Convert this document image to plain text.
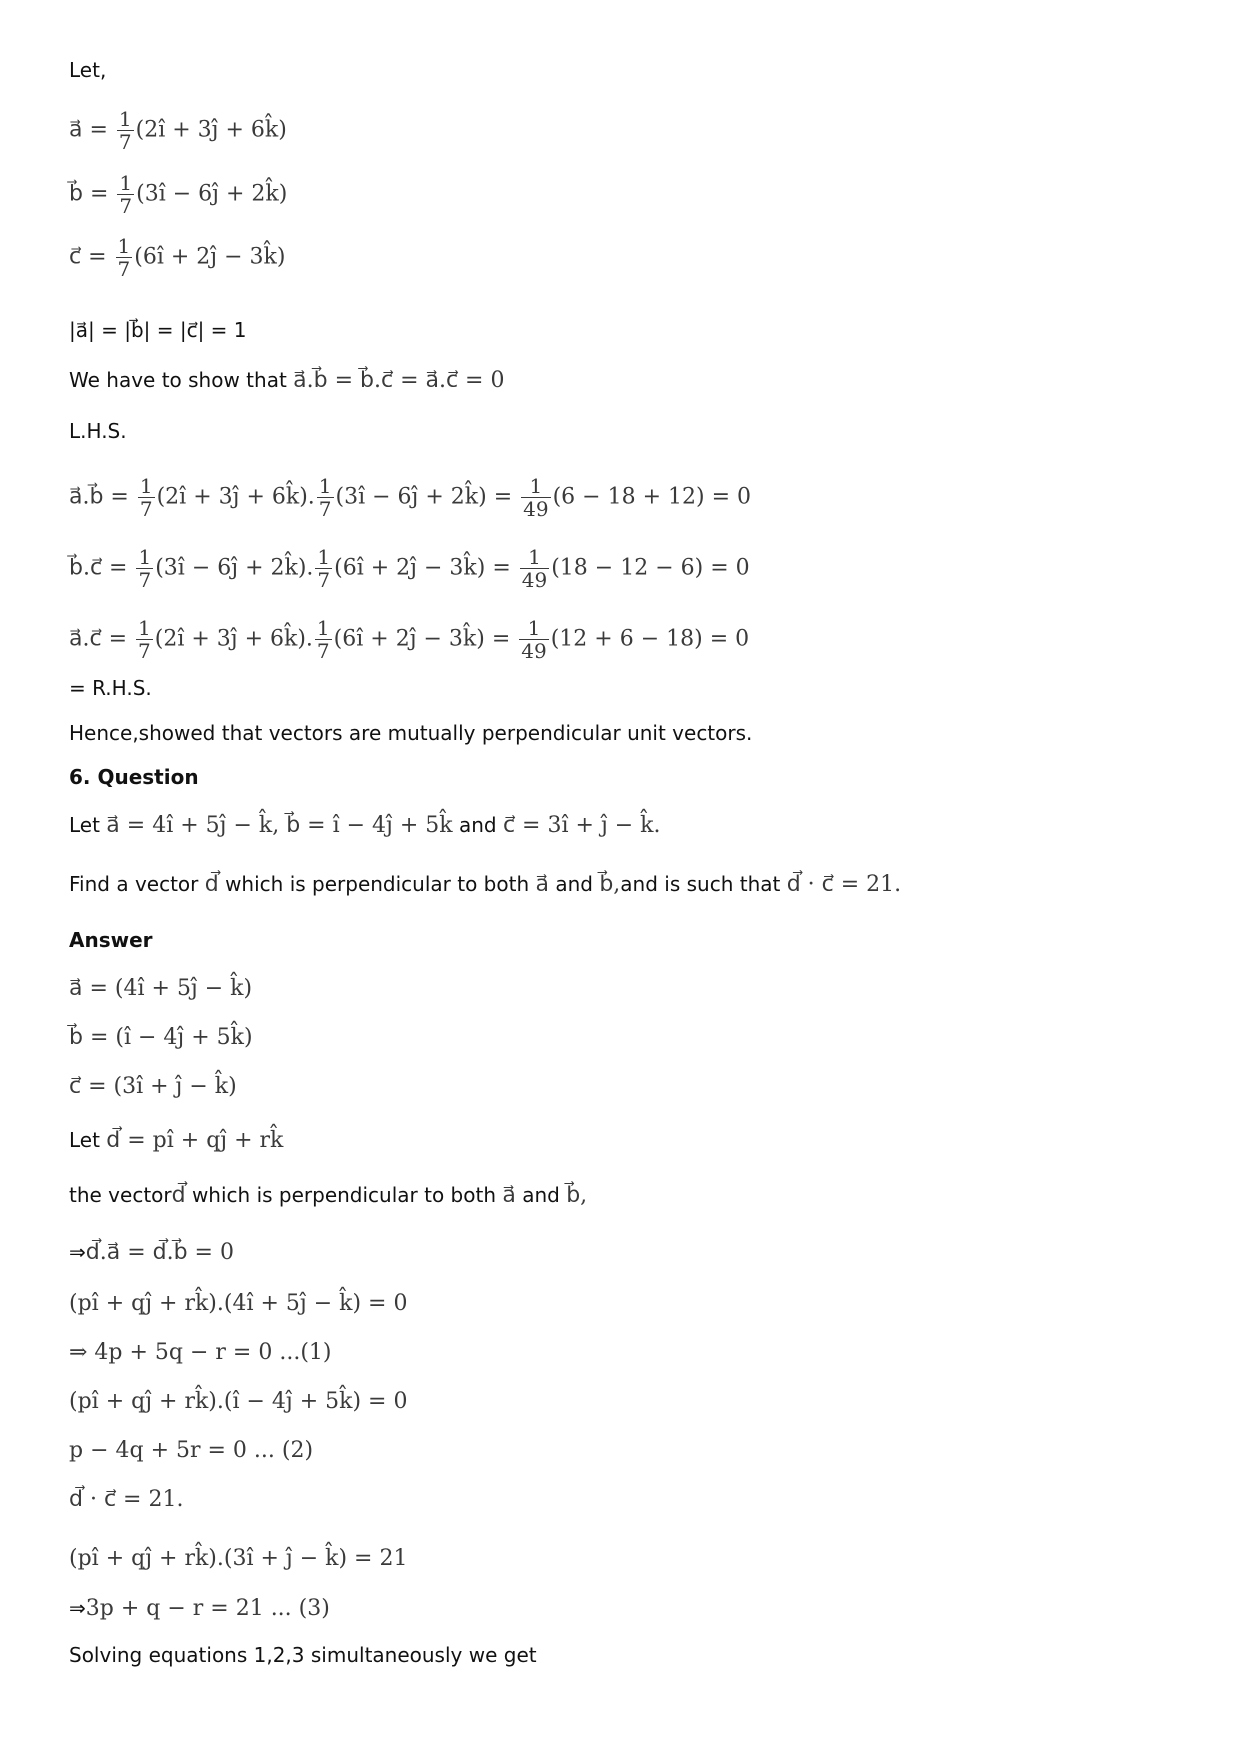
Let,
a⃗ = $\frac{1}{7}$ (2î + 3ĵ + 6k̂)
b⃗ = $\frac{1}{7}$ (3î − 6ĵ + 2k̂)
c⃗ = $\frac{1}{7}$ (6î + 2ĵ − 3k̂)
|a⃗| = |b⃗| = |c⃗| = 1
We have to show that a⃗.b⃗ = b⃗.c⃗ = a⃗.c⃗ = 0
L.H.S.
a⃗.b⃗ = $\frac{1}{7}$ (2î + 3ĵ + 6k̂). $\frac{1}{7}$ (3î − 6ĵ + 2k̂) = $\frac{1}{49} (6 - 18 + 12) = 0$
b⃗.c⃗ = $\frac{1}{7}$ (3î − 6ĵ + 2k̂). $\frac{1}{7}$ (6î + 2ĵ − 3k̂) = $\frac{1}{49} (18 - 12 - 6) = 0$
a⃗.c⃗ = $\frac{1}{7}$ (2î + 3ĵ + 6k̂). $\frac{1}{7}$ (6î + 2ĵ − 3k̂) = $\frac{1}{49} (12 + 6 - 18) = 0$
= R.H.S.
Hence,showed that vectors are mutually perpendicular unit vectors.
6. Question
Let a⃗ = 4î + 5ĵ − k̂, b⃗ = î − 4ĵ + 5k̂ and c⃗ = 3î + ĵ − k̂.
Find a vector d⃗ which is perpendicular to both a⃗ and b⃗,and is such that d⃗ · c⃗ = 21.
Answer
a⃗ = (4î + 5ĵ − k̂)
b⃗ = (î − 4ĵ + 5k̂)
c⃗ = (3î + ĵ − k̂)
Let d⃗ = pî + qĵ + rk̂
the vectord⃗ which is perpendicular to both a⃗ and b⃗,
⇒d⃗.a⃗ = d⃗.b⃗ = 0
(pî + qĵ + rk̂).(4î + 5ĵ − k̂) = 0
⇒ 4p + 5q − r = 0 ...(1)
(pî + qĵ + rk̂).(î − 4ĵ + 5k̂) = 0
p − 4q + 5r = 0 ... (2)
d⃗ · c⃗ = 21.
(pî + qĵ + rk̂).(3î + ĵ − k̂) = 21
⇒3p + q − r = 21 ... (3)
Solving equations 1,2,3 simultaneously we get
